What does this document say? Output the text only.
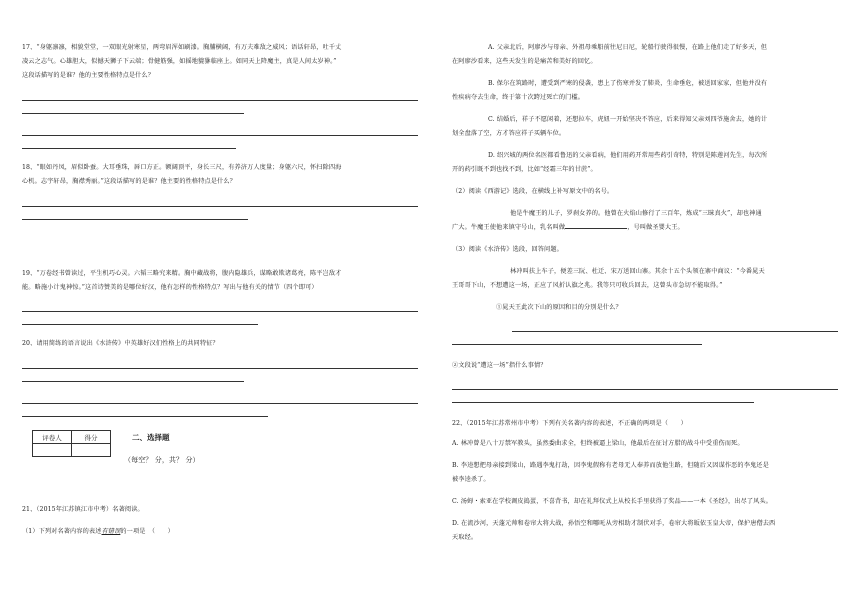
17、“身躯凛凛，相貌堂堂，一双眼光射寒星，两弯眉浑如刷漆。胸脯横阔，有万夫难敌之威风；语话轩昂，吐千丈
凌云之志气。心雄胆大，似撼天狮子下云端；骨健筋强，如摇地貔貅临座上。如同天上降魔主，真是人间太岁神。”
这段话描写的是谁？他的主要性格特点是什么？
18、“眼如丹凤，眉似卧蚕。大耳垂珠，唇口方正。额阔顶平，身长三尺，有养济万人度量；身躯六尺，怀扫除四海
心机。志宇轩昂，胸襟秀丽。”这段话描写的是谁？他主要的性格特点是什么？
19、“万卷经书曾读过，平生机巧心灵。六韬三略究来精。胸中藏战将，腹内隐雄兵，谋略敢欺诸葛亮，陈平岂敌才
能。略施小计鬼神惊。”这首诗赞美的是哪位好汉，他有怎样的性格特点？写出与他有关的情节（四个即可）
20、请用简练的语言说出《水浒传》中英雄好汉们性格上的共同特征？
评卷人	得分
		二、选择题
（每空？ 分，共？ 分）
21、（2015年江苏镇江市中考）名著阅读。
（1）下列对名著内容的表述有错误的一项是　（　　）
A. 父亲北后，阿廖沙与母亲、外祖母乘船前往尼日尼，轮船行驶得很慢，在路上他们走了好多天，但
在阿廖沙看来，这些天发生的是痛苦和美好的回忆。
B. 保尔在筑路时，遭受到严寒的侵袭，患上了伤寒并发了肺炎，生命垂危，被送回家家，但他并没有
性疾病夺去生命，终于第十次跨过死亡的门槛。
C. 结婚后，祥子不愿闲着，还想拉车，虎妞一开始坚决不答应，后来得知父亲刘四爷施舍去，她的计
划全盘落了空，方才答应祥子买辆车位。
D. 绍兴城的两位名医都看鲁迅的父亲看病，他们用药开常用些药引奇特，特别是陈莲河先生，每次所
开的药引既不到也找不到，比如“经霜三年的甘蔗”。
（2）阅读《西游记》选段，在横线上补写原文中的名号。
他是牛魔王的儿子，罗刹女养的。他曾在火焰山修行了三百年，炼成“三昧真火”，却也神通
广大。牛魔王使他来镇守号山，乳名叫做	，号叫做圣婴大王。
（3）阅读《水浒传》选段，回答问题。
林冲叫扶上车子，便差三阮、杜迁、宋万送回山寨。其余十五个头领在寨中商议：“今番晁天
王哥哥下山，不想遭这一场，正应了风折认旗之兆。我等只可收兵回去，这曾头市急切不能取得。”
①晁天王此次下山的原因和目的分别是什么？
②文段说“遭这一场”指什么事情？
22、（2015年江苏常州市中考）下列有关名著内容的表述，不正确的两项是（　　）
A. 林冲曾是八十万禁军教头，虽然委曲求全，但终被逼上梁山，他最后在征讨方腊的战斗中受重伤而死。
B. 李逵想把母亲接到梁山，路遇李鬼打劫，因李鬼假称有老母无人奉养而放他生路，但随后又因谋作恶的李鬼还是
被李逵杀了。
C. 汤姆・索亚在学校调皮捣蛋，不喜背书，却在礼拜仪式上从校长手里获得了奖品——一本《圣经》，出尽了风头。
D. 在流沙河，天蓬元帅和卷帘大将大战，孙悟空和哪吒从旁相助才制伏对手，卷帘大将皈依玉皇大帝，保护唐僧去西
天取经。
